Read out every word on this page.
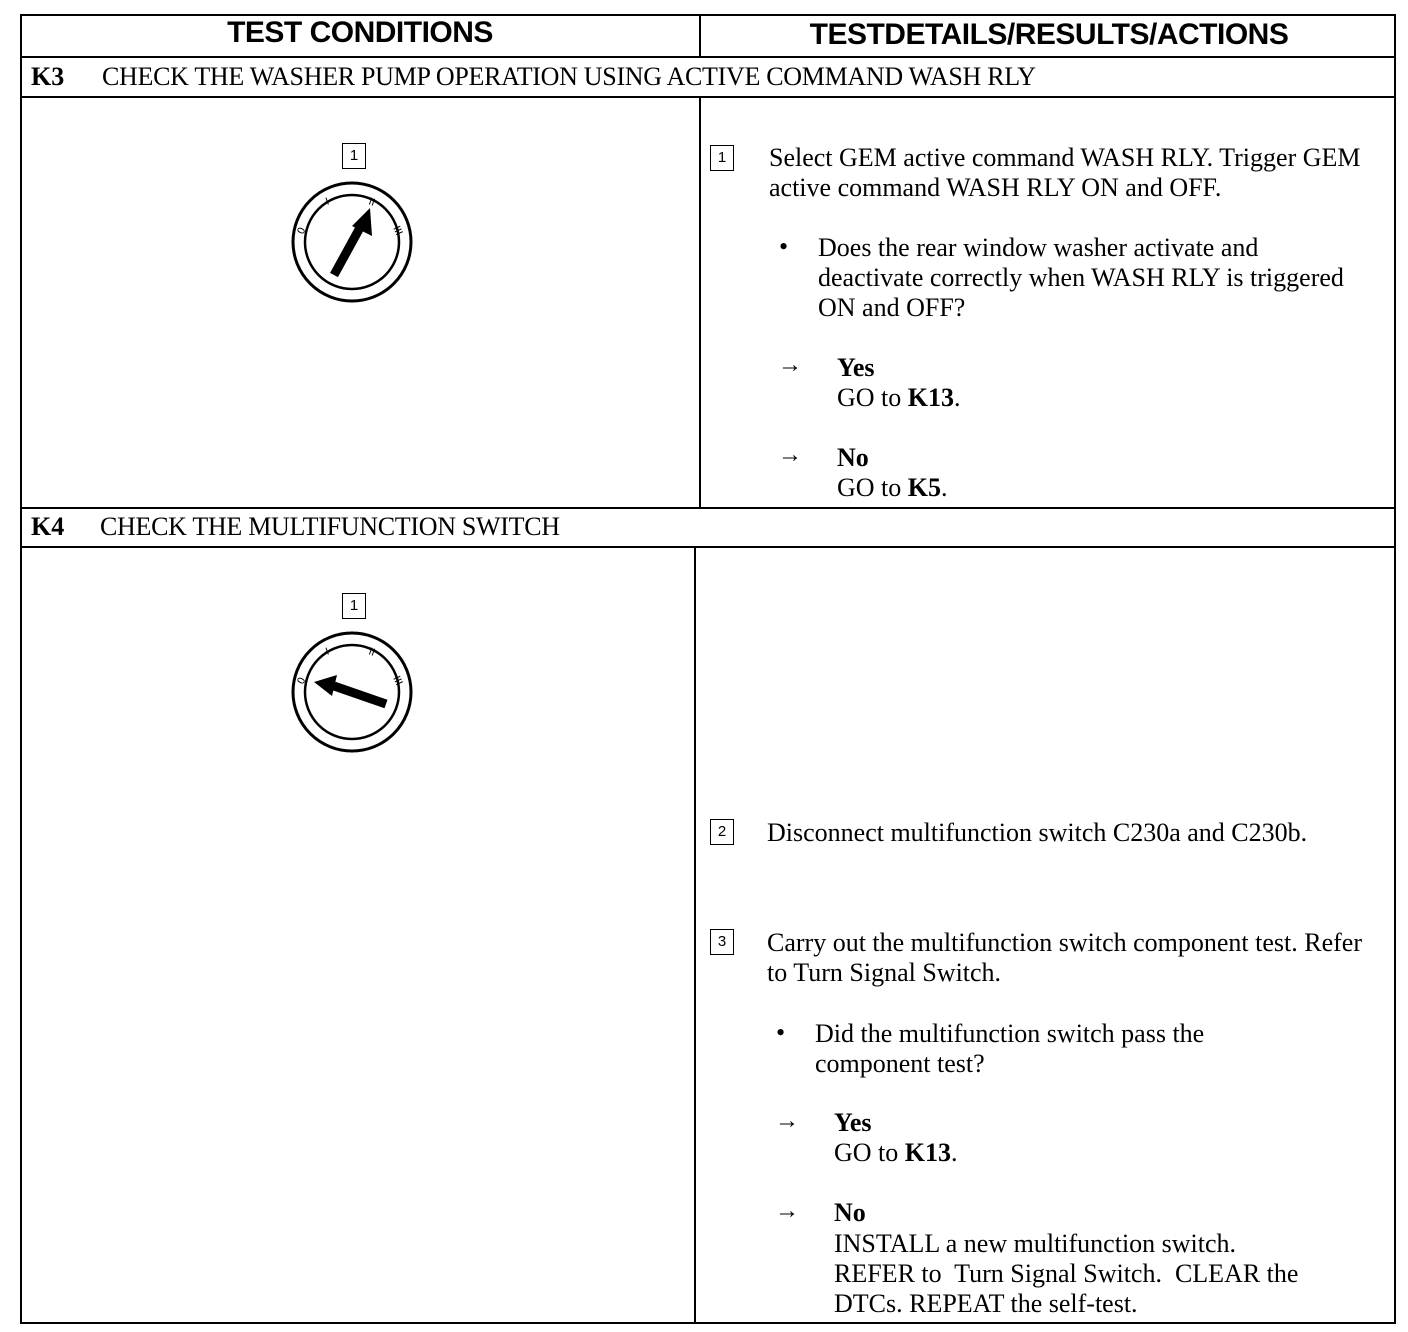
TEST CONDITIONS	TESTDETAILS/RESULTS/ACTIONS
K3 CHECK THE WASHER PUMP OPERATION USING ACTIVE COMMAND WASH RLY
1
0
I	II
III
1	Select GEM active command WASH RLY. Trigger GEM active command WASH RLY ON and OFF.
• Does the rear window washer activate and deactivate correctly when WASH RLY is triggered ON and OFF?
→ Yes
GO to K13.
→ No
GO to K5.
K4 CHECK THE MULTIFUNCTION SWITCH
1
0
I	II
III
2	Disconnect multifunction switch C230a and C230b.
3	Carry out the multifunction switch component test. Refer to Turn Signal Switch.
• Did the multifunction switch pass the component test?
→ Yes
GO to K13.
→ No
INSTALL a new multifunction switch.
REFER to  Turn Signal Switch.  CLEAR the
DTCs. REPEAT the self-test.
